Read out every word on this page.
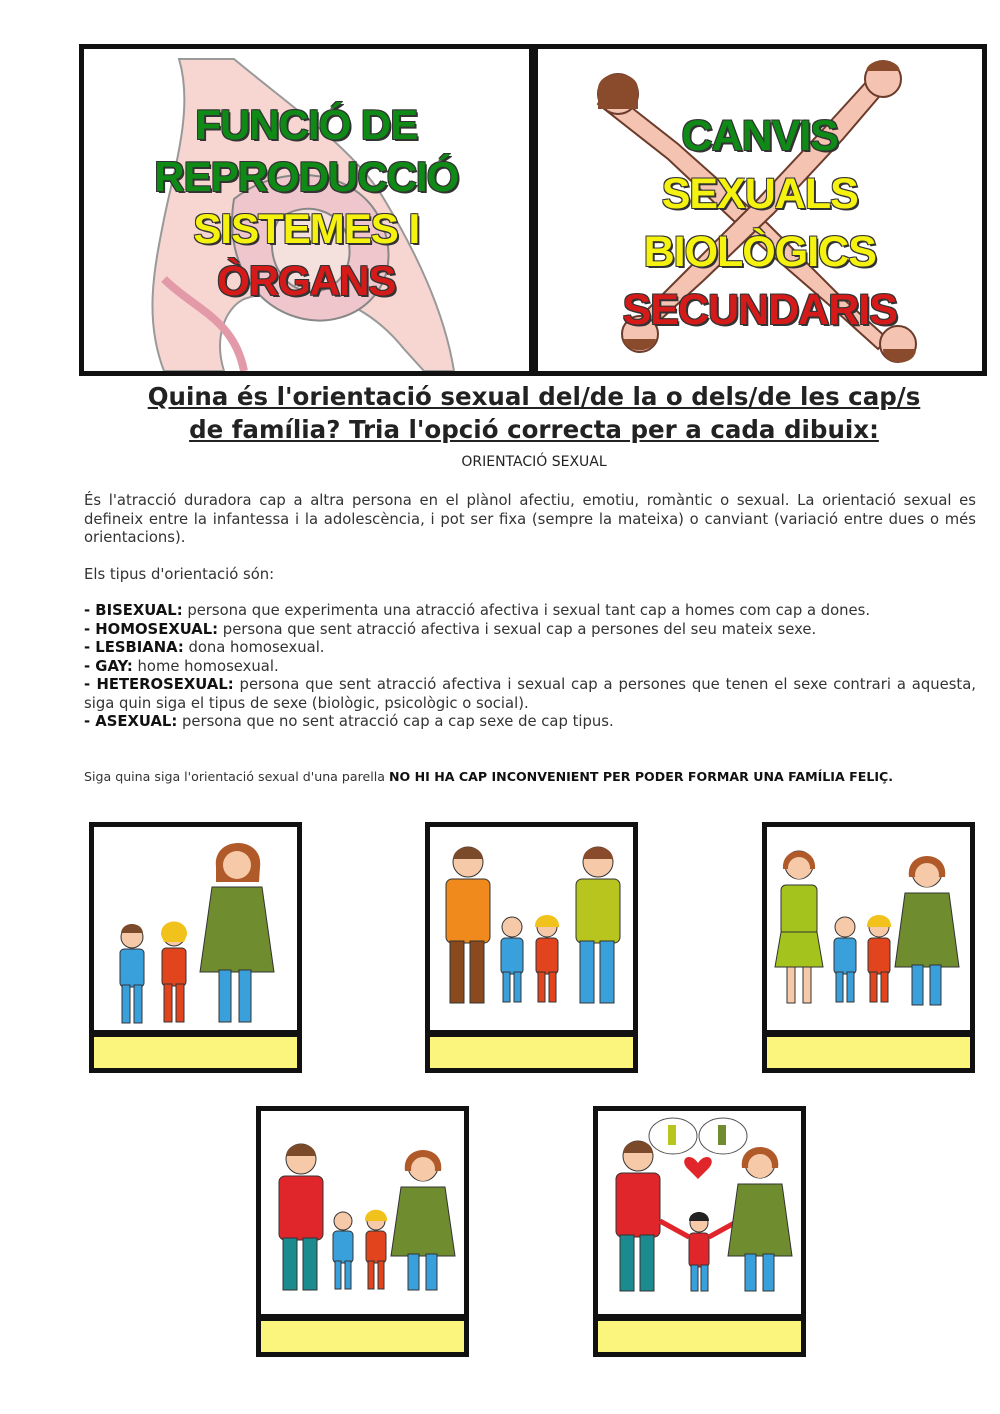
FUNCIÓ DE
REPRODUCCIÓ
SISTEMES I
ÒRGANS
CANVIS
SEXUALS
BIOLÒGICS
SECUNDARIS
Quina és l'orientació sexual del/de la o dels/de les cap/s
de família? Tria l'opció correcta per a cada dibuix:
ORIENTACIÓ SEXUAL
És l'atracció duradora cap a altra persona en el plànol afectiu, emotiu, romàntic o sexual. La orientació sexual es defineix entre la infantessa i la adolescència, i pot ser fixa (sempre la mateixa) o canviant (variació entre dues o més orientacions).
Els tipus d'orientació són:

- BISEXUAL: persona que experimenta una atracció afectiva i sexual tant cap a homes com cap a dones.

- HOMOSEXUAL: persona que sent atracció afectiva i sexual cap a persones del seu mateix sexe.

- LESBIANA: dona homosexual.

- GAY: home homosexual.

- HETEROSEXUAL: persona que sent atracció afectiva i sexual cap a persones que tenen el sexe contrari a aquesta, siga quin siga el tipus de sexe (biològic, psicològic o social).

- ASEXUAL: persona que no sent atracció cap a cap sexe de cap tipus.

Siga quina siga l'orientació sexual d'una parella NO HI HA CAP INCONVENIENT PER PODER FORMAR UNA FAMÍLIA FELIÇ.
